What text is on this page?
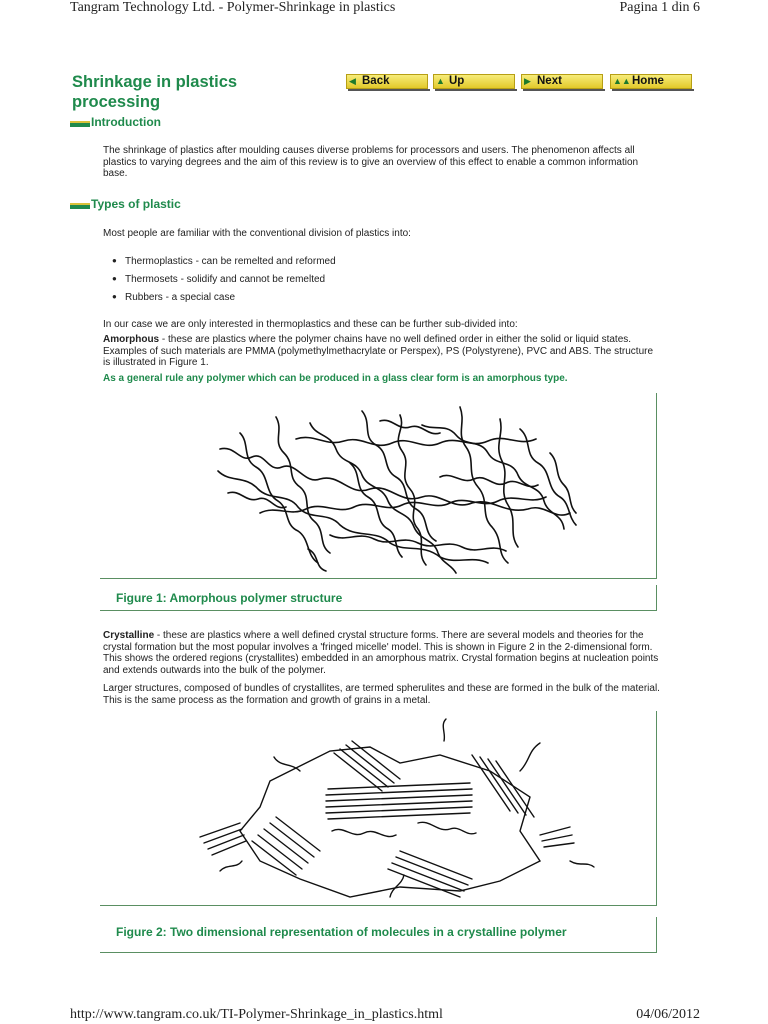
Tangram Technology Ltd. - Polymer-Shrinkage in plastics	Pagina 1 din 6
Shrinkage in plastics processing
◀ Back	▲ Up	▶ Next	▲▲ Home
Introduction

The shrinkage of plastics after moulding causes diverse problems for processors and users. The phenomenon affects all plastics to varying degrees and the aim of this review is to give an overview of this effect to enable a common information base.

Types of plastic

Most people are familiar with the conventional division of plastics into:

● Thermoplastics - can be remelted and reformed
● Thermosets - solidify and cannot be remelted
● Rubbers - a special case

In our case we are only interested in thermoplastics and these can be further sub-divided into:

Amorphous - these are plastics where the polymer chains have no well defined order in either the solid or liquid states. Examples of such materials are PMMA (polymethylmethacrylate or Perspex), PS (Polystyrene), PVC and ABS. The structure is illustrated in Figure 1.

As a general rule any polymer which can be produced in a glass clear form is an amorphous type.
Figure 1: Amorphous polymer structure

Crystalline - these are plastics where a well defined crystal structure forms. There are several models and theories for the crystal formation but the most popular involves a 'fringed micelle' model. This is shown in Figure 2 in the 2-dimensional form. This shows the ordered regions (crystallites) embedded in an amorphous matrix. Crystal formation begins at nucleation points and extends outwards into the bulk of the polymer.

Larger structures, composed of bundles of crystallites, are termed spherulites and these are formed in the bulk of the material. This is the same process as the formation and growth of grains in a metal.

Figure 2: Two dimensional representation of molecules in a crystalline polymer
http://www.tangram.co.uk/TI-Polymer-Shrinkage_in_plastics.html	04/06/2012
